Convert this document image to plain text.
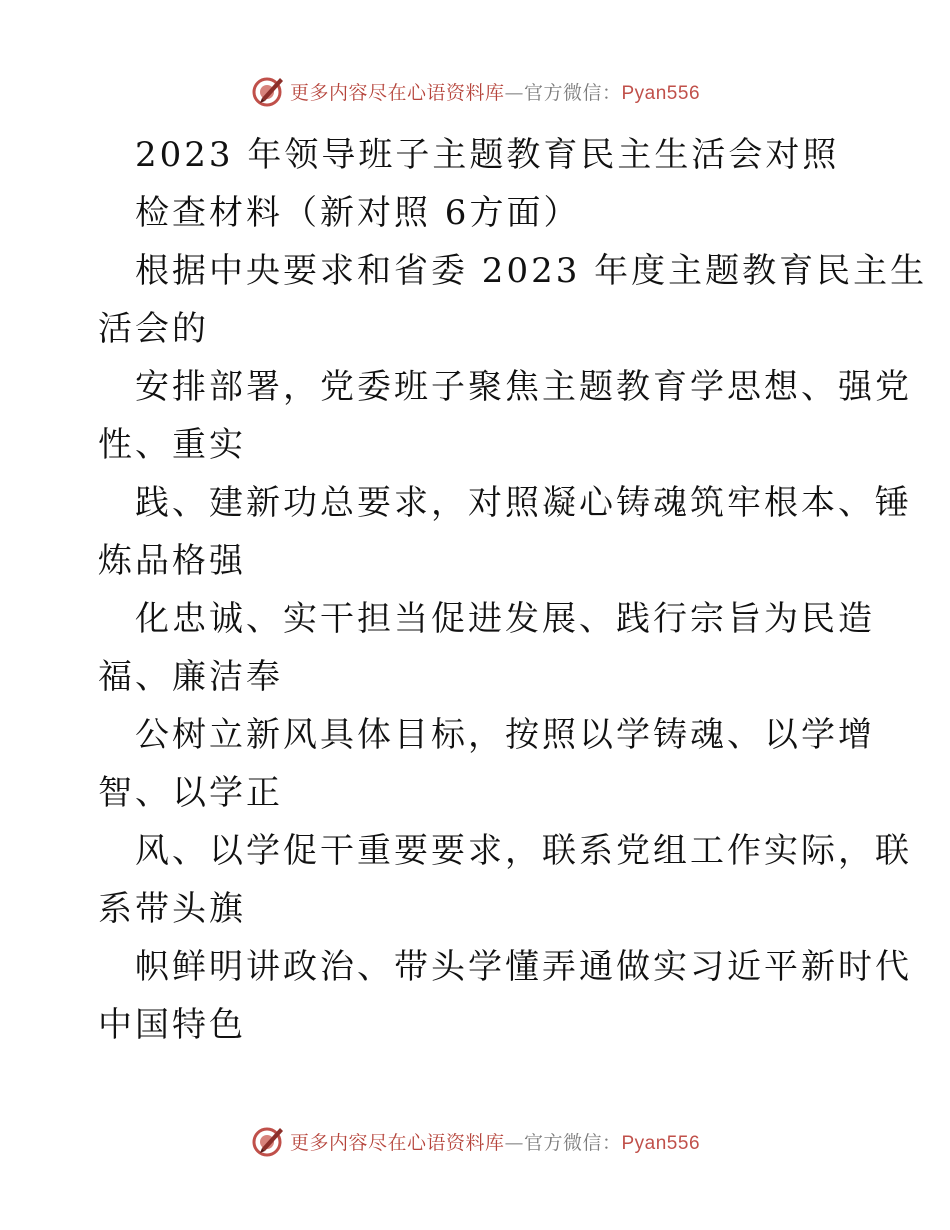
更多内容尽在心语资料库—官方微信：Pyan556
2023 年领导班子主题教育民主生活会对照
检查材料（新对照 6方面）
根据中央要求和省委 2023 年度主题教育民主生
活会的
安排部署，党委班子聚焦主题教育学思想、强党
性、重实
践、建新功总要求，对照凝心铸魂筑牢根本、锤
炼品格强
化忠诚、实干担当促进发展、践行宗旨为民造
福、廉洁奉
公树立新风具体目标，按照以学铸魂、以学增
智、以学正
风、以学促干重要要求，联系党组工作实际，联
系带头旗
帜鲜明讲政治、带头学懂弄通做实习近平新时代
中国特色
更多内容尽在心语资料库—官方微信：Pyan556
